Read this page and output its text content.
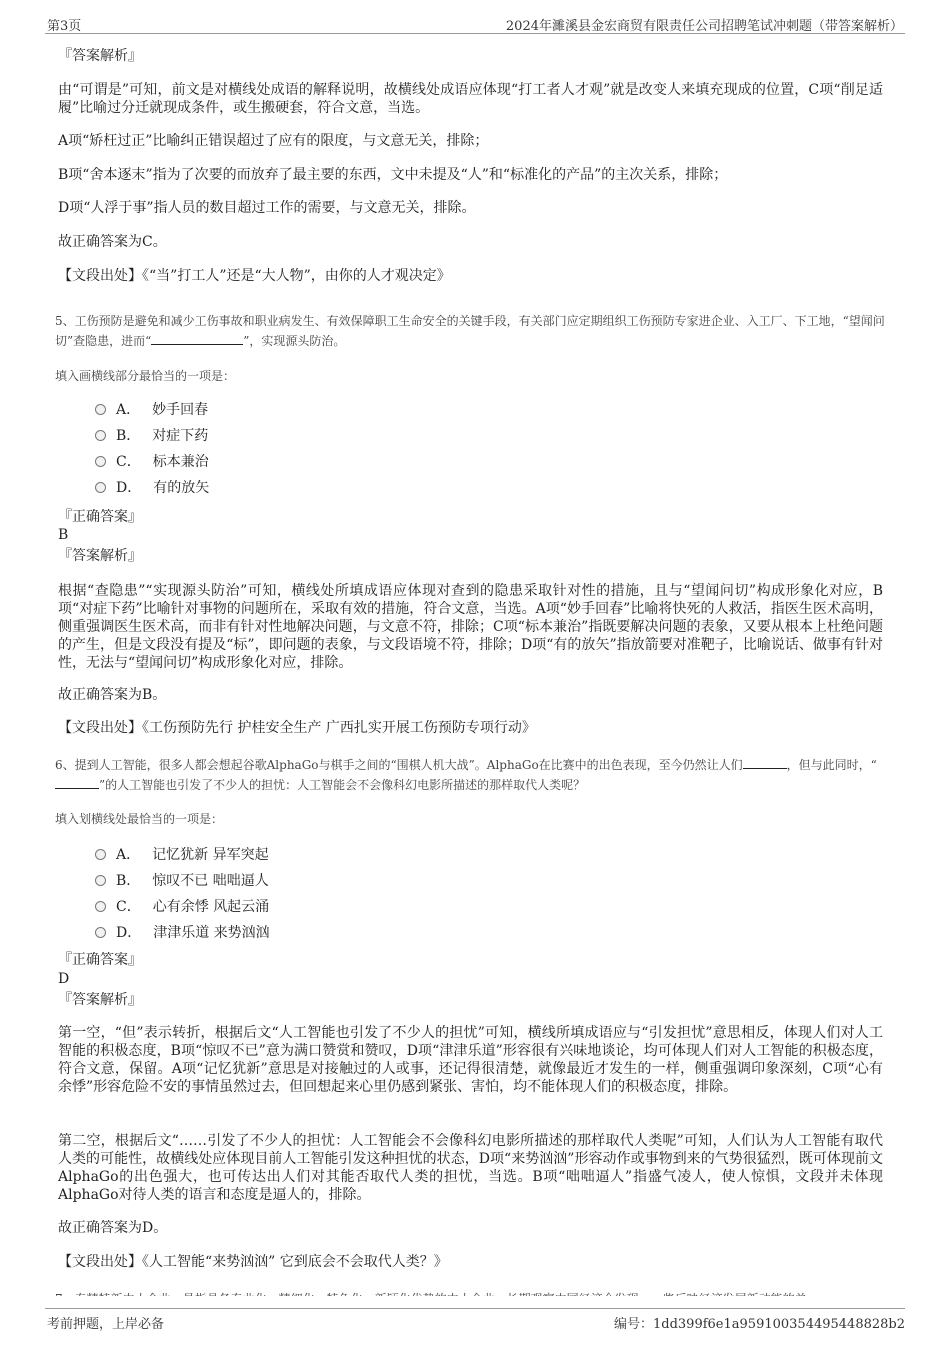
第3页	2024年濉溪县金宏商贸有限责任公司招聘笔试冲刺题（带答案解析）
『答案解析』
由“可谓是”可知，前文是对横线处成语的解释说明，故横线处成语应体现“打工者人才观”就是改变人来填充现成的位置，C项“削足适履”比喻过分迁就现成条件，或生搬硬套，符合文意，当选。
A项“矫枉过正”比喻纠正错误超过了应有的限度，与文意无关，排除；
B项“舍本逐末”指为了次要的而放弃了最主要的东西，文中未提及“人”和“标准化的产品”的主次关系，排除；
D项“人浮于事”指人员的数目超过工作的需要，与文意无关，排除。
故正确答案为C。
【文段出处】《“当”打工人”还是“大人物”，由你的人才观决定》
5、工伤预防是避免和减少工伤事故和职业病发生、有效保障职工生命安全的关键手段，有关部门应定期组织工伤预防专家进企业、入工厂、下工地，“望闻问切”查隐患，进而“	”，实现源头防治。
填入画横线部分最恰当的一项是：
A． 妙手回春
B． 对症下药
C． 标本兼治
D． 有的放矢
『正确答案』
B
『答案解析』
根据“查隐患”“实现源头防治”可知，横线处所填成语应体现对查到的隐患采取针对性的措施，且与“望闻问切”构成形象化对应，B项“对症下药”比喻针对事物的问题所在，采取有效的措施，符合文意，当选。A项“妙手回春”比喻将快死的人救活，指医生医术高明，侧重强调医生医术高，而非有针对性地解决问题，与文意不符，排除；C项“标本兼治”指既要解决问题的表象，又要从根本上杜绝问题的产生，但是文段没有提及“标”，即问题的表象，与文段语境不符，排除；D项“有的放矢”指放箭要对准靶子，比喻说话、做事有针对性，无法与“望闻问切”构成形象化对应，排除。
故正确答案为B。
【文段出处】《工伤预防先行 护桂安全生产 广西扎实开展工伤预防专项行动》
6、提到人工智能，很多人都会想起谷歌AlphaGo与棋手之间的“围棋人机大战”。AlphaGo在比赛中的出色表现，至今仍然让人们	，但与此同时，“”的人工智能也引发了不少人的担忧：人工智能会不会像科幻电影所描述的那样取代人类呢？
填入划横线处最恰当的一项是：
A． 记忆犹新 异军突起
B． 惊叹不已 咄咄逼人
C． 心有余悸 风起云涌
D． 津津乐道 来势汹汹
『正确答案』
D
『答案解析』
第一空，“但”表示转折，根据后文“人工智能也引发了不少人的担忧”可知，横线所填成语应与“引发担忧”意思相反，体现人们对人工智能的积极态度，B项“惊叹不已”意为满口赞赏和赞叹，D项“津津乐道”形容很有兴味地谈论，均可体现人们对人工智能的积极态度，符合文意，保留。A项“记忆犹新”意思是对接触过的人或事，还记得很清楚，就像最近才发生的一样，侧重强调印象深刻，C项“心有余悸”形容危险不安的事情虽然过去，但回想起来心里仍感到紧张、害怕，均不能体现人们的积极态度，排除。
第二空，根据后文“……引发了不少人的担忧：人工智能会不会像科幻电影所描述的那样取代人类呢”可知，人们认为人工智能有取代人类的可能性，故横线处应体现目前人工智能引发这种担忧的状态，D项“来势汹汹”形容动作或事物到来的气势很猛烈，既可体现前文AlphaGo的出色强大，也可传达出人们对其能否取代人类的担忧，当选。B项“咄咄逼人”指盛气凌人，使人惊惧，文段并未体现AlphaGo对待人类的语言和态度是逼人的，排除。
故正确答案为D。
【文段出处】《人工智能“来势汹汹” 它到底会不会取代人类？》
考前押题，上岸必备	编号：1dd399f6e1a959100354495448828b2
